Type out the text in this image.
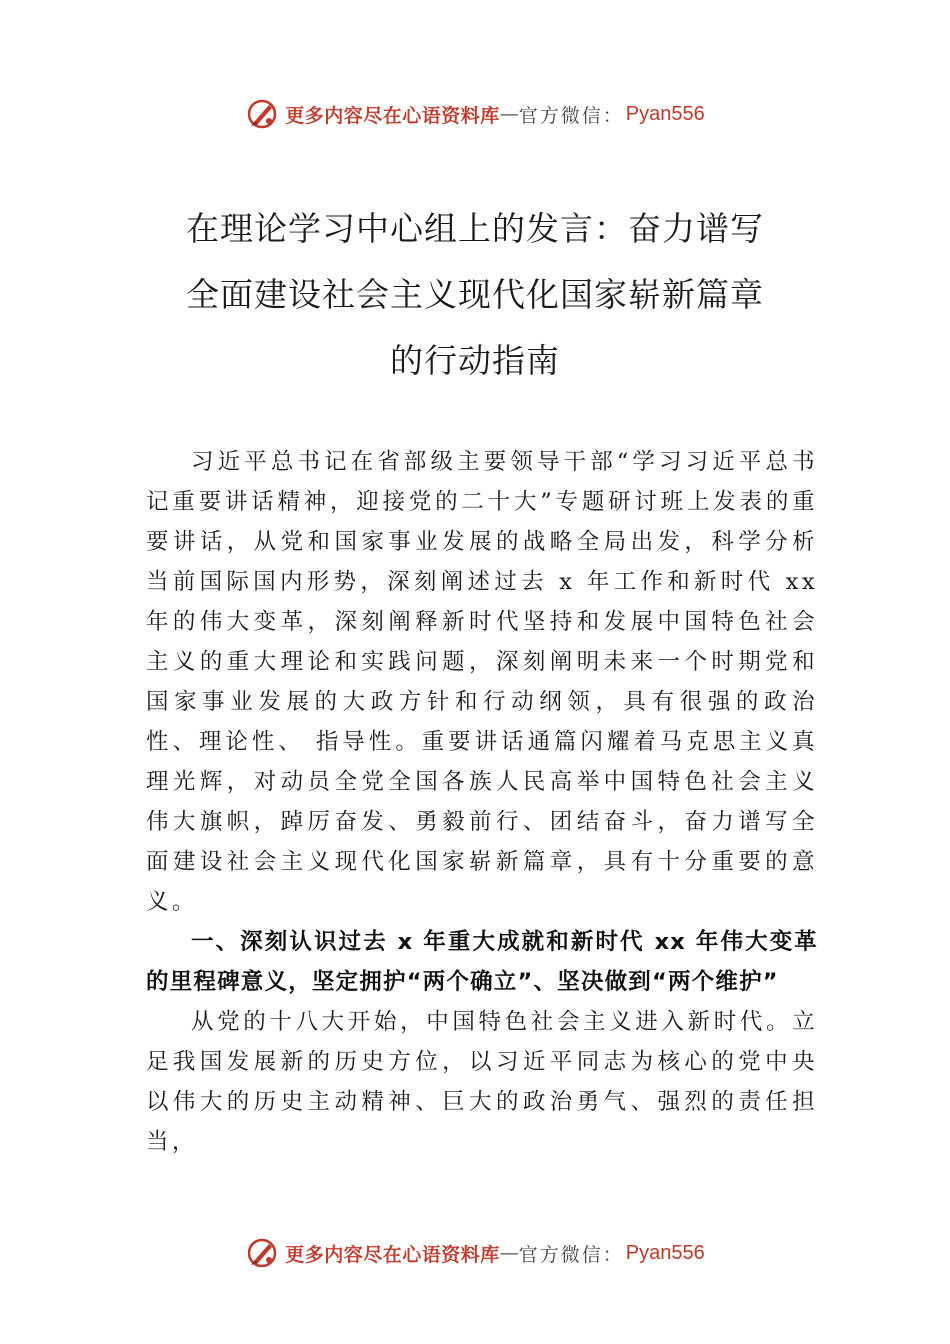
更多内容尽在心语资料库 — 官方微信： Pyan556
在理论学习中心组上的发言：奋力谱写
全面建设社会主义现代化国家崭新篇章
的行动指南

习近平总书记在省部级主要领导干部“学习习近平总书记重要讲话精神，迎接党的二十大”专题研讨班上发表的重要讲话，从党和国家事业发展的战略全局出发，科学分析当前国际国内形势，深刻阐述过去 x 年工作和新时代 xx 年的伟大变革，深刻阐释新时代坚持和发展中国特色社会主义的重大理论和实践问题，深刻阐明未来一个时期党和国家事业发展的大政方针和行动纲领，具有很强的政治性、理论性、 指导性。重要讲话通篇闪耀着马克思主义真理光辉，对动员全党全国各族人民高举中国特色社会主义伟大旗帜，踔厉奋发、勇毅前行、团结奋斗，奋力谱写全面建设社会主义现代化国家崭新篇章，具有十分重要的意义。

一、深刻认识过去 x 年重大成就和新时代 xx 年伟大变革的里程碑意义，坚定拥护“两个确立”、坚决做到“两个维护”

从党的十八大开始，中国特色社会主义进入新时代。立足我国发展新的历史方位，以习近平同志为核心的党中央以伟大的历史主动精神、巨大的政治勇气、强烈的责任担当，

更多内容尽在心语资料库 — 官方微信： Pyan556
